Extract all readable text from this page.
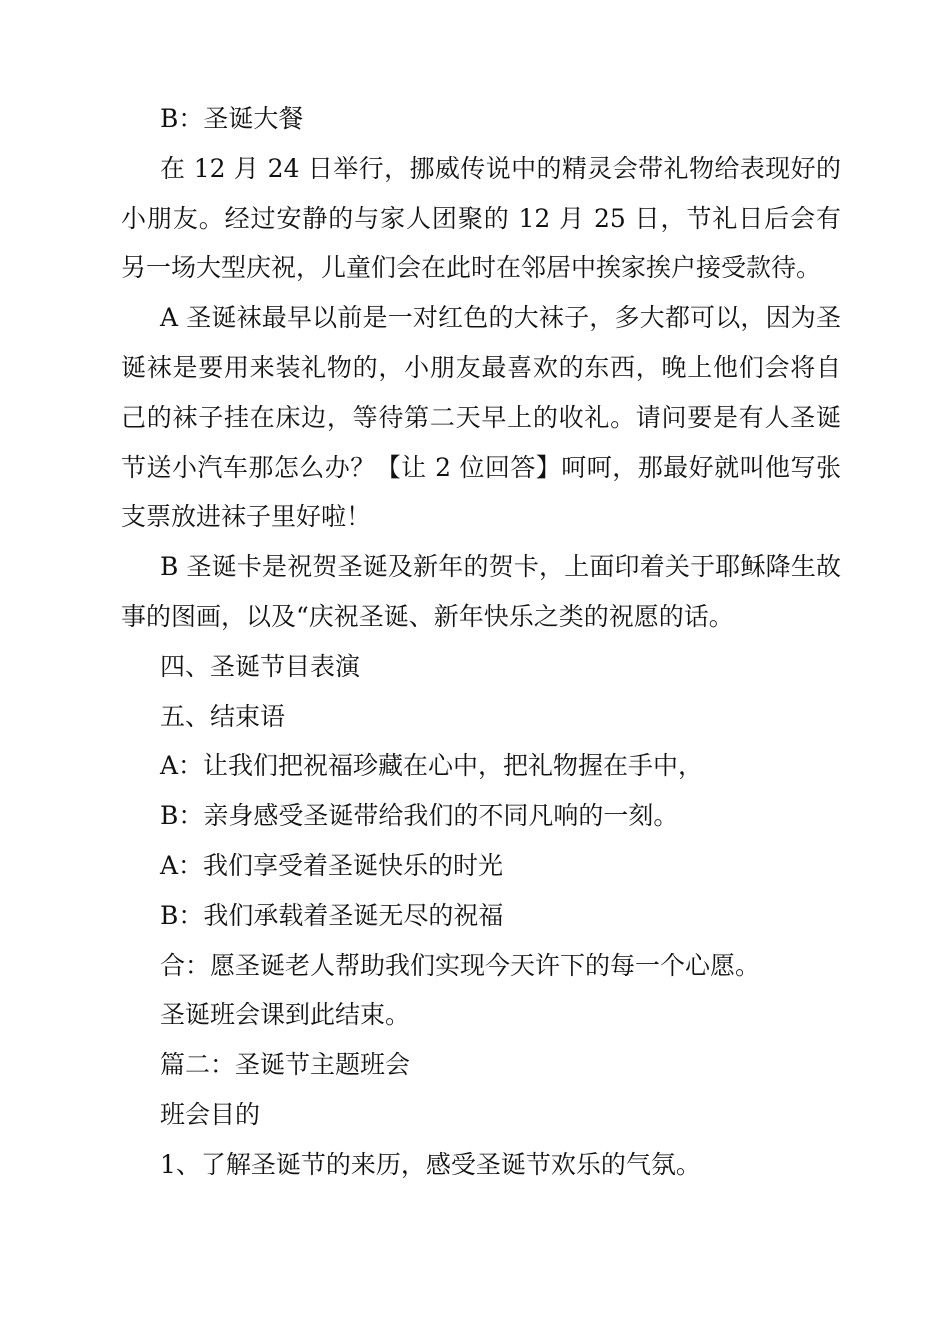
B：圣诞大餐

在 12 月 24 日举行，挪威传说中的精灵会带礼物给表现好的小朋友。经过安静的与家人团聚的 12 月 25 日，节礼日后会有另一场大型庆祝，儿童们会在此时在邻居中挨家挨户接受款待。

A 圣诞袜最早以前是一对红色的大袜子，多大都可以，因为圣诞袜是要用来装礼物的，小朋友最喜欢的东西，晚上他们会将自己的袜子挂在床边，等待第二天早上的收礼。请问要是有人圣诞节送小汽车那怎么办？【让 2 位回答】呵呵，那最好就叫他写张支票放进袜子里好啦！

B 圣诞卡是祝贺圣诞及新年的贺卡，上面印着关于耶稣降生故事的图画，以及“庆祝圣诞、新年快乐之类的祝愿的话。

四、圣诞节目表演

五、结束语

A：让我们把祝福珍藏在心中，把礼物握在手中，

B：亲身感受圣诞带给我们的不同凡响的一刻。

A：我们享受着圣诞快乐的时光

B：我们承载着圣诞无尽的祝福

合：愿圣诞老人帮助我们实现今天许下的每一个心愿。

圣诞班会课到此结束。

篇二：圣诞节主题班会

班会目的

1、了解圣诞节的来历，感受圣诞节欢乐的气氛。
